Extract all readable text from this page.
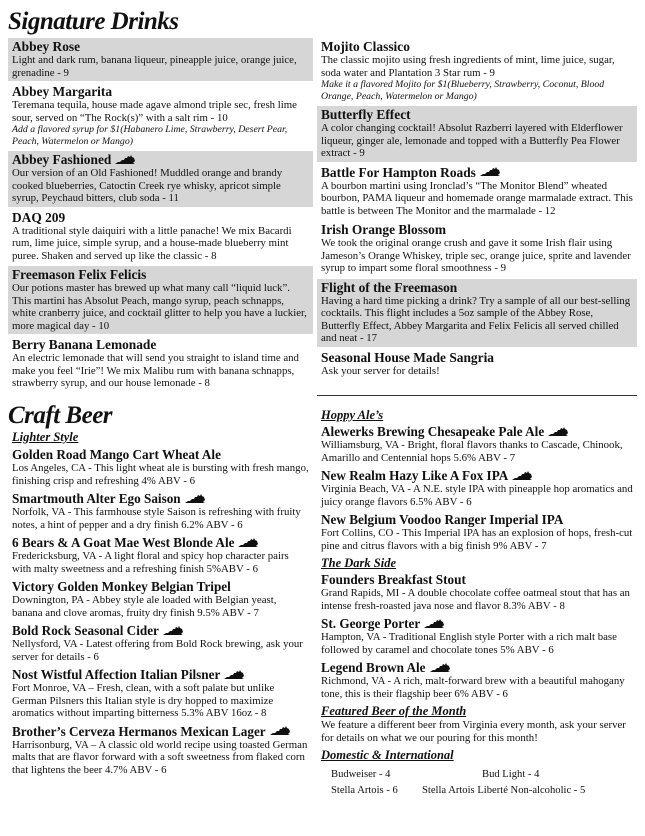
Signature Drinks
Abbey Rose
Light and dark rum, banana liqueur, pineapple juice, orange juice, grenadine - 9
Abbey Margarita
Teremana tequila, house made agave almond triple sec, fresh lime sour, served on “The Rock(s)” with a salt rim - 10
Add a flavored syrup for $1(Habanero Lime, Strawberry, Desert Pear, Peach, Watermelon or Mango)
Abbey Fashioned
Our version of an Old Fashioned! Muddled orange and brandy cooked blueberries, Catoctin Creek rye whisky, apricot simple syrup, Peychaud bitters, club soda - 11
DAQ 209
A traditional style daiquiri with a little panache! We mix Bacardi rum, lime juice, simple syrup, and a house-made blueberry mint puree. Shaken and served up like the classic - 8
Freemason Felix Felicis
Our potions master has brewed up what many call “liquid luck”. This martini has Absolut Peach, mango syrup, peach schnapps, white cranberry juice, and cocktail glitter to help you have a luckier, more magical day - 10
Berry Banana Lemonade
An electric lemonade that will send you straight to island time and make you feel “Irie”! We mix Malibu rum with banana schnapps, strawberry syrup, and our house lemonade - 8
Mojito Classico
The classic mojito using fresh ingredients of mint, lime juice, sugar, soda water and Plantation 3 Star rum - 9
Make it a flavored Mojito for $1(Blueberry, Strawberry, Coconut, Blood Orange, Peach, Watermelon or Mango)
Butterfly Effect
A color changing cocktail! Absolut Razberri layered with Elderflower liqueur, ginger ale, lemonade and topped with a Butterfly Pea Flower extract - 9
Battle For Hampton Roads
A bourbon martini using Ironclad’s “The Monitor Blend” wheated bourbon, PAMA liqueur and homemade orange marmalade extract. This battle is between The Monitor and the marmalade - 12
Irish Orange Blossom
We took the original orange crush and gave it some Irish flair using Jameson’s Orange Whiskey, triple sec, orange juice, sprite and lavender syrup to impart some floral smoothness - 9
Flight of the Freemason
Having a hard time picking a drink? Try a sample of all our best-selling cocktails. This flight includes a 5oz sample of the Abbey Rose, Butterfly Effect, Abbey Margarita and Felix Felicis all served chilled and neat - 17
Seasonal House Made Sangria
Ask your server for details!
Craft Beer
Lighter Style
Golden Road Mango Cart Wheat Ale
Los Angeles, CA - This light wheat ale is bursting with fresh mango, finishing crisp and refreshing 4% ABV - 6
Smartmouth Alter Ego Saison
Norfolk, VA - This farmhouse style Saison is refreshing with fruity notes, a hint of pepper and a dry finish 6.2% ABV - 6
6 Bears & A Goat Mae West Blonde Ale
Fredericksburg, VA - A light floral and spicy hop character pairs with malty sweetness and a refreshing finish 5%ABV - 6
Victory Golden Monkey Belgian Tripel
Downington, PA - Abbey style ale loaded with Belgian yeast, banana and clove aromas, fruity dry finish 9.5% ABV - 7
Bold Rock Seasonal Cider
Nellysford, VA - Latest offering from Bold Rock brewing, ask your server for details - 6
Nost Wistful Affection Italian Pilsner
Fort Monroe, VA – Fresh, clean, with a soft palate but unlike German Pilsners this Italian style is dry hopped to maximize aromatics without imparting bitterness 5.3% ABV 16oz - 8
Brother’s Cerveza Hermanos Mexican Lager
Harrisonburg, VA – A classic old world recipe using toasted German malts that are flavor forward with a soft sweetness from flaked corn that lightens the beer 4.7% ABV - 6
Hoppy Ale’s
Alewerks Brewing Chesapeake Pale Ale
Williamsburg, VA - Bright, floral flavors thanks to Cascade, Chinook, Amarillo and Centennial hops 5.6% ABV - 7
New Realm Hazy Like A Fox IPA
Virginia Beach, VA - A N.E. style IPA with pineapple hop aromatics and juicy orange flavors 6.5% ABV - 6
New Belgium Voodoo Ranger Imperial IPA
Fort Collins, CO - This Imperial IPA has an explosion of hops, fresh-cut pine and citrus flavors with a big finish 9% ABV - 7
The Dark Side
Founders Breakfast Stout
Grand Rapids, MI - A double chocolate coffee oatmeal stout that has an intense fresh-roasted java nose and flavor 8.3% ABV - 8
St. George Porter
Hampton, VA - Traditional English style Porter with a rich malt base followed by caramel and chocolate tones 5% ABV - 6
Legend Brown Ale
Richmond, VA - A rich, malt-forward brew with a beautiful mahogany tone, this is their flagship beer 6% ABV - 6
Featured Beer of the Month
We feature a different beer from Virginia every month, ask your server for details on what we our pouring for this month!
Domestic & International
Budweiser - 4	Bud Light - 4
Stella Artois - 6	Stella Artois Liberté Non-alcoholic - 5
